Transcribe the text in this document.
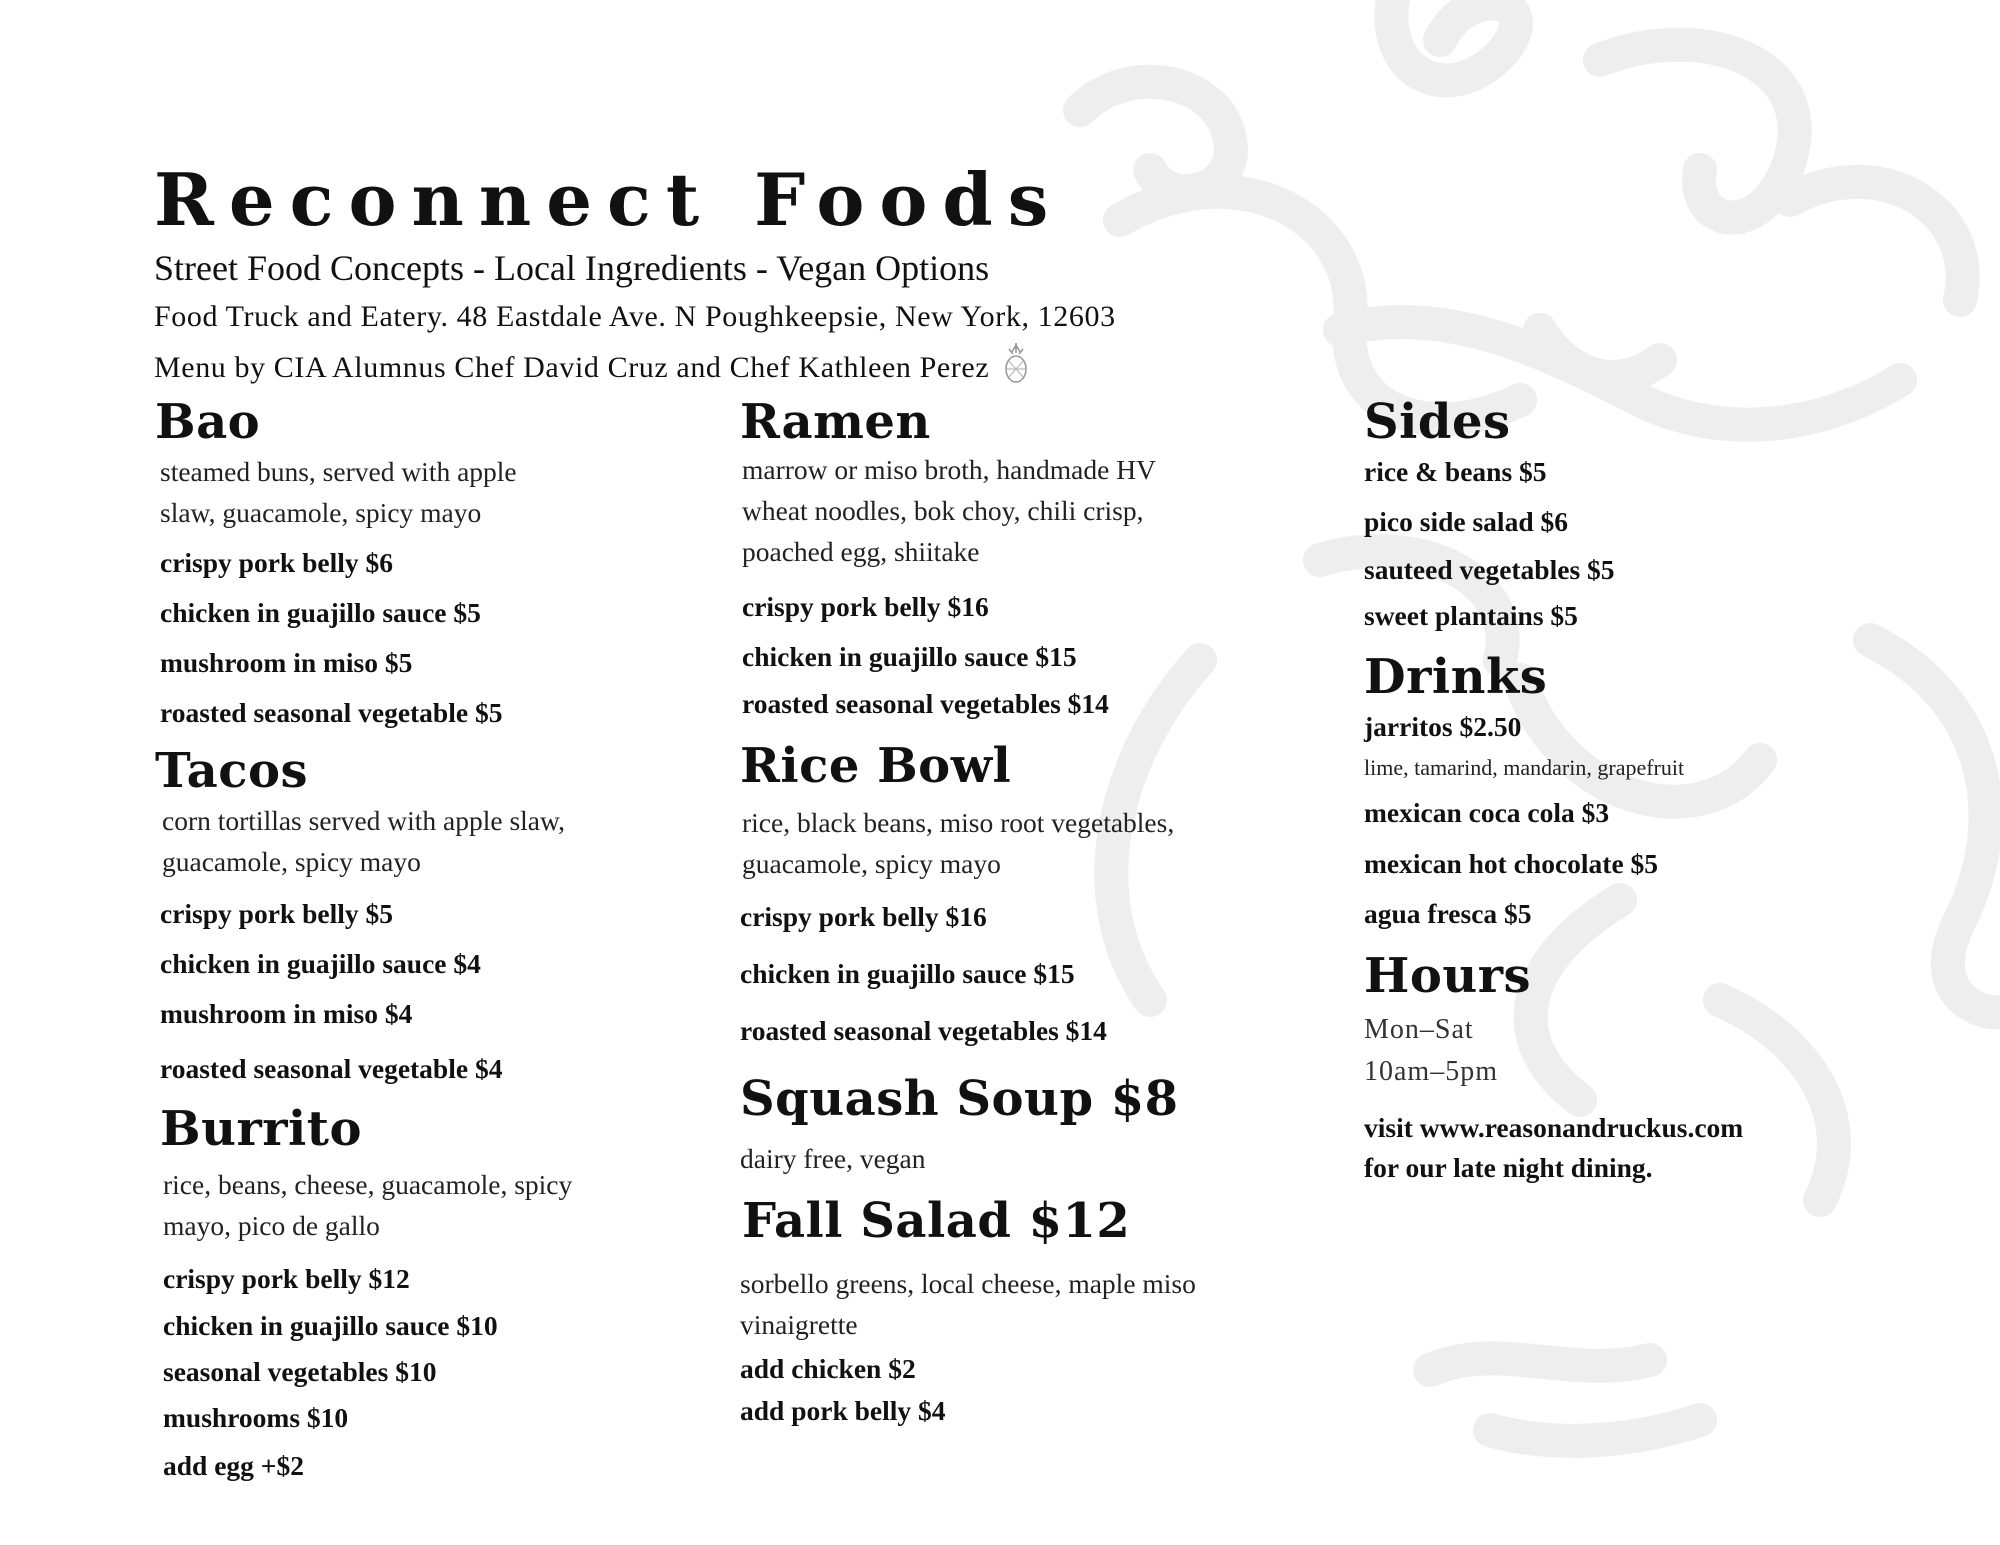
Reconnect Foods
Street Food Concepts - Local Ingredients - Vegan Options
Food Truck and Eatery. 48 Eastdale Ave. N Poughkeepsie, New York, 12603
Menu by CIA Alumnus Chef David Cruz and Chef Kathleen Perez
Bao
steamed buns, served with apple
slaw, guacamole, spicy mayo
crispy pork belly $6
chicken in guajillo sauce $5
mushroom in miso $5
roasted seasonal vegetable $5
Tacos
corn tortillas served with apple slaw,
guacamole, spicy mayo
crispy pork belly $5
chicken in guajillo sauce $4
mushroom in miso $4
roasted seasonal vegetable $4
Burrito
rice, beans, cheese, guacamole, spicy
mayo, pico de gallo
crispy pork belly $12
chicken in guajillo sauce $10
seasonal vegetables $10
mushrooms $10
add egg +$2
Ramen
marrow or miso broth, handmade HV
wheat noodles, bok choy, chili crisp,
poached egg, shiitake
crispy pork belly $16
chicken in guajillo sauce $15
roasted seasonal vegetables $14
Rice Bowl
rice, black beans, miso root vegetables,
guacamole, spicy mayo
crispy pork belly $16
chicken in guajillo sauce $15
roasted seasonal vegetables $14
Squash Soup $8
dairy free, vegan
Fall Salad $12
sorbello greens, local cheese, maple miso
vinaigrette
add chicken $2
add pork belly $4
Sides
rice & beans $5
pico side salad $6
sauteed vegetables $5
sweet plantains $5
Drinks
jarritos $2.50
lime, tamarind, mandarin, grapefruit
mexican coca cola $3
mexican hot chocolate $5
agua fresca $5
Hours
Mon–Sat
10am–5pm
visit www.reasonandruckus.com
for our late night dining.
